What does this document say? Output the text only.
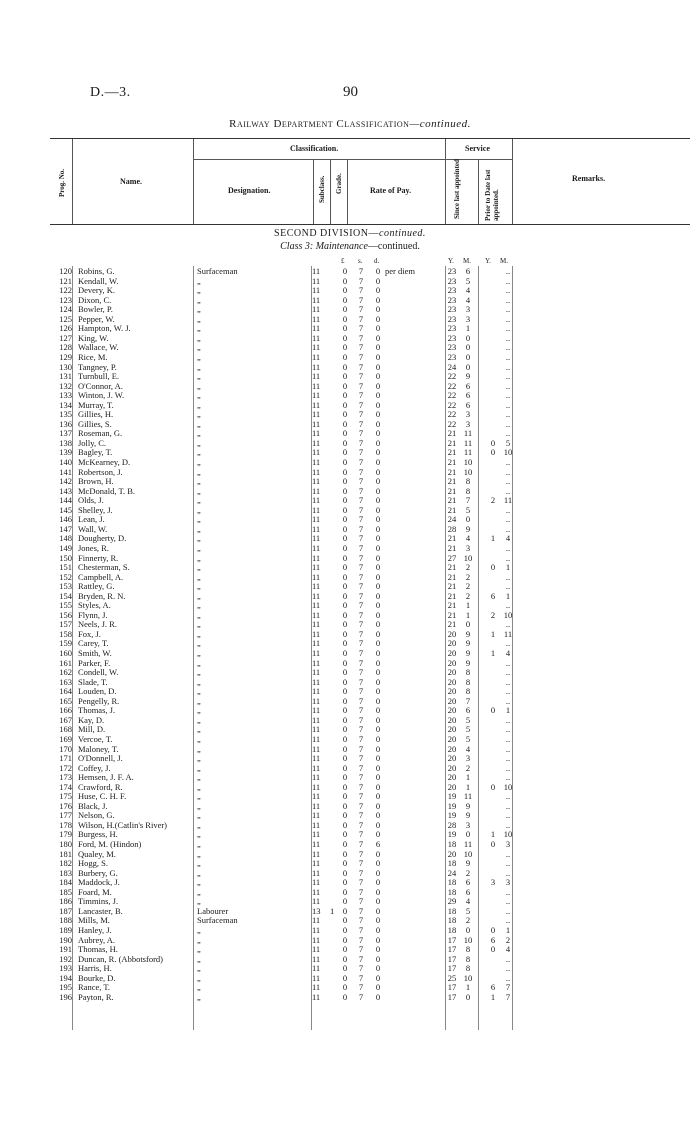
D.—3.	90
Railway Department Classification—continued.
Prog. No.	Name.
Classification.
Designation.	Subclass. Grade.	Rate of Pay.
Service
Since last appointed	Prior to Date last appointed.
Remarks.
SECOND DIVISION—continued.
Class 3: Maintenance—continued.
£ s. d.	Y. M. Y. M.
120 Robins, G.	Surfaceman	11	0	7	0 per diem	23	6	..
121 Kendall, W.	„	11	0	7	0	23	5	..
122 Devery, K.	„	11	0	7	0	23	4	..
123 Dixon, C.	„	11	0	7	0	23	4	..
124 Bowler, P.	„	11	0	7	0	23	3	..
125 Pepper, W.	„	11	0	7	0	23	3	..
126 Hampton, W. J.	„	11	0	7	0	23	1	..
127 King, W.	„	11	0	7	0	23	0	..
128 Wallace, W.	„	11	0	7	0	23	0	..
129 Rice, M.	„	11	0	7	0	23	0	..
130 Tangney, P.	„	11	0	7	0	24	0	..
131 Turnbull, E.	„	11	0	7	0	22	9	..
132 O'Connor, A.	„	11	0	7	0	22	6	..
133 Winton, J. W.	„	11	0	7	0	22	6	..
134 Murray, T.	„	11	0	7	0	22	6	..
135 Gillies, H.	„	11	0	7	0	22	3	..
136 Gillies, S.	„	11	0	7	0	22	3	..
137 Roseman, G.	„	11	0	7	0	21 11	..
138 Jolly, C.	„	11	0	7	0	21 11	0	5
139 Bagley, T.	„	11	0	7	0	21 11	0	10
140 McKearney, D.	„	11	0	7	0	21 10	..
141 Robertson, J.	„	11	0	7	0	21 10	..
142 Brown, H.	„	11	0	7	0	21	8	..
143 McDonald, T. B.	„	11	0	7	0	21	8	..
144 Olds, J.	„	11	0	7	0	21	7	2	11
145 Shelley, J.	„	11	0	7	0	21	5	..
146 Lean, J.	„	11	0	7	0	24	0	..
147 Wall, W.	„	11	0	7	0	28	9	..
148 Dougherty, D.	„	11	0	7	0	21	4	1	4
149 Jones, R.	„	11	0	7	0	21	3	..
150 Finnerty, R.	„	11	0	7	0	27 10	..
151 Chesterman, S.	„	11	0	7	0	21	2	0	1
152 Campbell, A.	„	11	0	7	0	21	2	..
153 Rattley, G.	„	11	0	7	0	21	2	..
154 Bryden, R. N.	„	11	0	7	0	21	2	6	1
155 Styles, A.	„	11	0	7	0	21	1	..
156 Flynn, J.	„	11	0	7	0	21	1	2	10
157 Neels, J. R.	„	11	0	7	0	21	0	..
158 Fox, J.	„	11	0	7	0	20	9	1	11
159 Carey, T.	„	11	0	7	0	20	9	..
160 Smith, W.	„	11	0	7	0	20	9	1	4
161 Parker, F.	„	11	0	7	0	20	9	..
162 Condell, W.	„	11	0	7	0	20	8	..
163 Slade, T.	„	11	0	7	0	20	8	..
164 Louden, D.	„	11	0	7	0	20	8	..
165 Pengelly, R.	„	11	0	7	0	20	7	..
166 Thomas, J.	„	11	0	7	0	20	6	0	1
167 Kay, D.	„	11	0	7	0	20	5	..
168 Mill, D.	„	11	0	7	0	20	5	..
169 Vercoe, T.	„	11	0	7	0	20	5	..
170 Maloney, T.	„	11	0	7	0	20	4	..
171 O'Donnell, J.	„	11	0	7	0	20	3	..
172 Coffey, J.	„	11	0	7	0	20	2	..
173 Hemsen, J. F. A.	„	11	0	7	0	20	1	..
174 Crawford, R.	„	11	0	7	0	20	1	0	10
175 Huse, C. H. F.	„	11	0	7	0	19 11	..
176 Black, J.	„	11	0	7	0	19	9	..
177 Nelson, G.	„	11	0	7	0	19	9	..
178 Wilson, H.(Catlin's River)	„	11	0	7	0	28	3	..
179 Burgess, H.	„	11	0	7	0	19	0	1	10
180 Ford, M. (Hindon)	„	11	0	7	6	18 11	0	3
181 Qualey, M.	„	11	0	7	0	20 10	..
182 Hogg, S.	„	11	0	7	0	18	9	..
183 Burbery, G.	„	11	0	7	0	24	2	..
184 Maddock, J.	„	11	0	7	0	18	6	3	3
185 Foard, M.	„	11	0	7	0	18	6	..
186 Timmins, J.	„	11	0	7	0	29	4	..
187 Lancaster, B.	Labourer	13 1	0	7	0	18	5	..
188 Mills, M.	Surfaceman	11	0	7	0	18	2	..
189 Hanley, J.	„	11	0	7	0	18	0	0	1
190 Aubrey, A.	„	11	0	7	0	17 10	6	2
191 Thomas, H.	„	11	0	7	0	17	8	0	4
192 Duncan, R. (Abbotsford)	„	11	0	7	0	17	8	..
193 Harris, H.	„	11	0	7	0	17	8	..
194 Bourke, D.	„	11	0	7	0	25 10	..
195 Rance, T.	„	11	0	7	0	17	1	6	7
196 Payton, R.	„	11	0	7	0	17	0	1	7
